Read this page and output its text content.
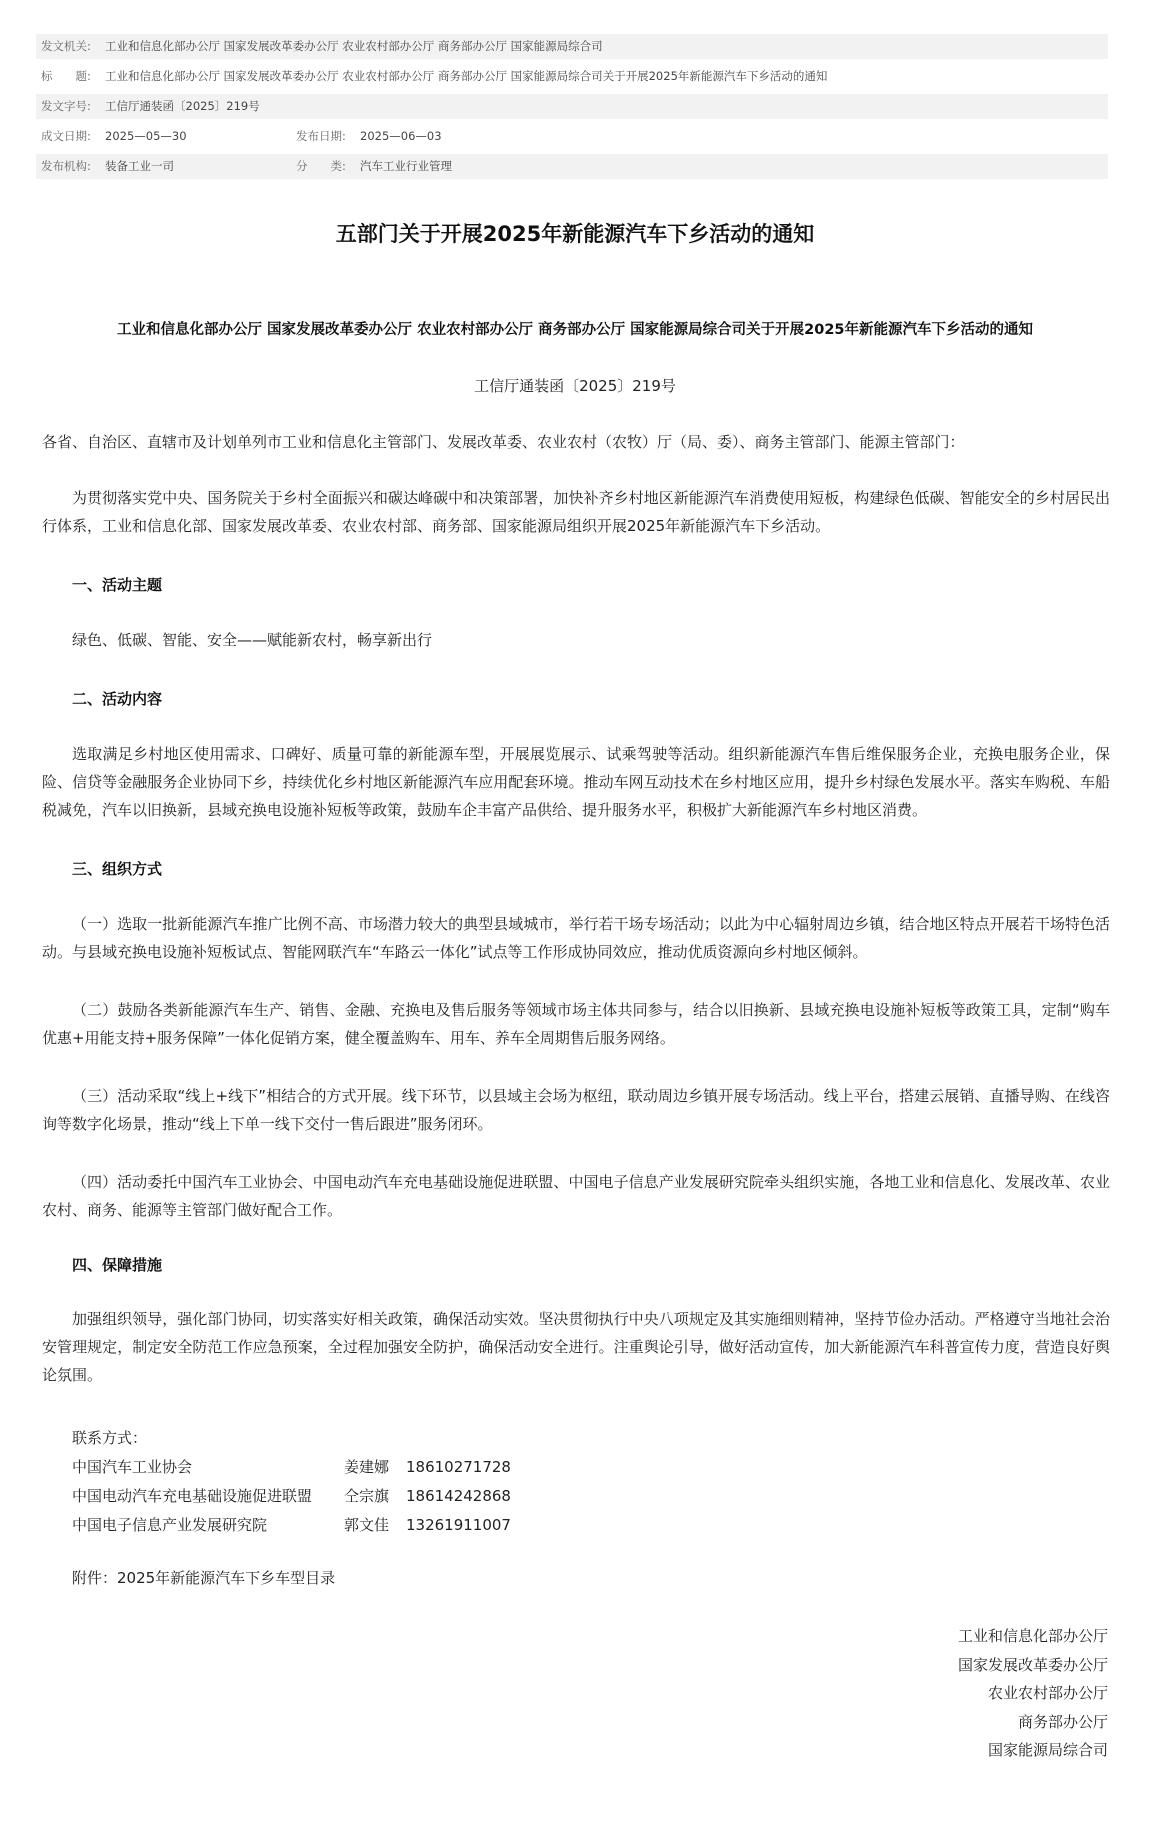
发文机关:	工业和信息化部办公厅 国家发展改革委办公厅 农业农村部办公厅 商务部办公厅 国家能源局综合司
标　　题:	工业和信息化部办公厅 国家发展改革委办公厅 农业农村部办公厅 商务部办公厅 国家能源局综合司关于开展2025年新能源汽车下乡活动的通知
发文字号:	工信厅通装函〔2025〕219号
成文日期:	2025—05—30	发布日期:	2025—06—03
发布机构:	装备工业一司	分　　类:	汽车工业行业管理
五部门关于开展2025年新能源汽车下乡活动的通知
工业和信息化部办公厅 国家发展改革委办公厅 农业农村部办公厅 商务部办公厅 国家能源局综合司关于开展2025年新能源汽车下乡活动的通知
工信厅通装函〔2025〕219号
各省、自治区、直辖市及计划单列市工业和信息化主管部门、发展改革委、农业农村（农牧）厅（局、委）、商务主管部门、能源主管部门：
为贯彻落实党中央、国务院关于乡村全面振兴和碳达峰碳中和决策部署，加快补齐乡村地区新能源汽车消费使用短板，构建绿色低碳、智能安全的乡村居民出行体系，工业和信息化部、国家发展改革委、农业农村部、商务部、国家能源局组织开展2025年新能源汽车下乡活动。
一、活动主题
绿色、低碳、智能、安全——赋能新农村，畅享新出行
二、活动内容
选取满足乡村地区使用需求、口碑好、质量可靠的新能源车型，开展展览展示、试乘驾驶等活动。组织新能源汽车售后维保服务企业，充换电服务企业，保险、信贷等金融服务企业协同下乡，持续优化乡村地区新能源汽车应用配套环境。推动车网互动技术在乡村地区应用，提升乡村绿色发展水平。落实车购税、车船税减免，汽车以旧换新，县域充换电设施补短板等政策，鼓励车企丰富产品供给、提升服务水平，积极扩大新能源汽车乡村地区消费。
三、组织方式
（一）选取一批新能源汽车推广比例不高、市场潜力较大的典型县域城市，举行若干场专场活动；以此为中心辐射周边乡镇，结合地区特点开展若干场特色活动。与县域充换电设施补短板试点、智能网联汽车“车路云一体化”试点等工作形成协同效应，推动优质资源向乡村地区倾斜。
（二）鼓励各类新能源汽车生产、销售、金融、充换电及售后服务等领域市场主体共同参与，结合以旧换新、县域充换电设施补短板等政策工具，定制“购车优惠+用能支持+服务保障”一体化促销方案，健全覆盖购车、用车、养车全周期售后服务网络。
（三）活动采取“线上+线下”相结合的方式开展。线下环节，以县域主会场为枢纽，联动周边乡镇开展专场活动。线上平台，搭建云展销、直播导购、在线咨询等数字化场景，推动“线上下单一线下交付一售后跟进”服务闭环。
（四）活动委托中国汽车工业协会、中国电动汽车充电基础设施促进联盟、中国电子信息产业发展研究院牵头组织实施，各地工业和信息化、发展改革、农业农村、商务、能源等主管部门做好配合工作。
四、保障措施
加强组织领导，强化部门协同，切实落实好相关政策，确保活动实效。坚决贯彻执行中央八项规定及其实施细则精神，坚持节俭办活动。严格遵守当地社会治安管理规定，制定安全防范工作应急预案，全过程加强安全防护，确保活动安全进行。注重舆论引导，做好活动宣传，加大新能源汽车科普宣传力度，营造良好舆论氛围。
联系方式：
中国汽车工业协会	姜建娜	18610271728
中国电动汽车充电基础设施促进联盟	仝宗旗	18614242868
中国电子信息产业发展研究院	郭文佳	13261911007
附件：2025年新能源汽车下乡车型目录
工业和信息化部办公厅
国家发展改革委办公厅
农业农村部办公厅
商务部办公厅
国家能源局综合司
